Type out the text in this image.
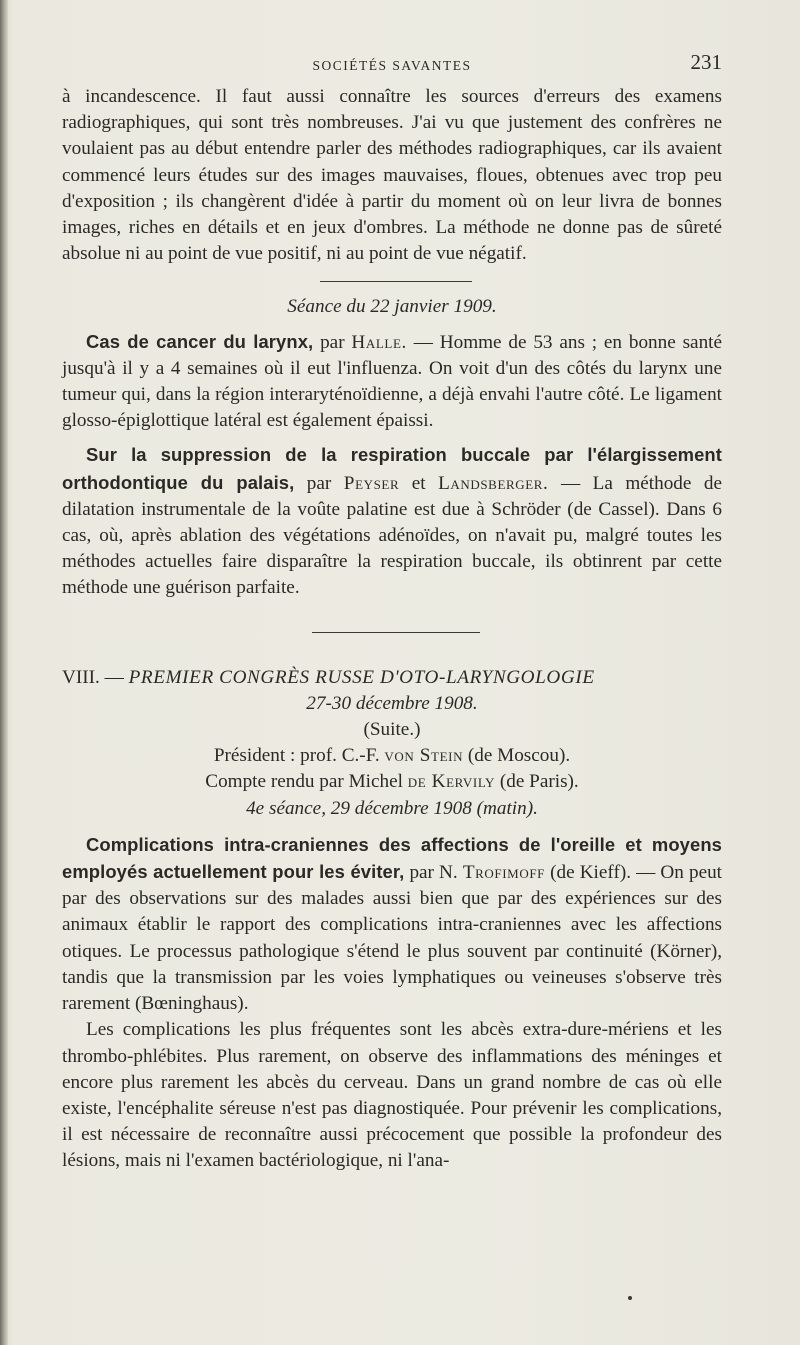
SOCIÉTÉS SAVANTES	231

à incandescence. Il faut aussi connaître les sources d'erreurs des examens radiographiques, qui sont très nombreuses. J'ai vu que justement des confrères ne voulaient pas au début entendre parler des méthodes radiographiques, car ils avaient commencé leurs études sur des images mauvaises, floues, obtenues avec trop peu d'exposition ; ils changèrent d'idée à partir du moment où on leur livra de bonnes images, riches en détails et en jeux d'ombres. La méthode ne donne pas de sûreté absolue ni au point de vue positif, ni au point de vue négatif.

Séance du 22 janvier 1909.

Cas de cancer du larynx, par Halle. — Homme de 53 ans ; en bonne santé jusqu'à il y a 4 semaines où il eut l'influenza. On voit d'un des côtés du larynx une tumeur qui, dans la région interaryténoïdienne, a déjà envahi l'autre côté. Le ligament glosso-épiglottique latéral est également épaissi.

Sur la suppression de la respiration buccale par l'élargissement orthodontique du palais, par Peyser et Landsberger. — La méthode de dilatation instrumentale de la voûte palatine est due à Schröder (de Cassel). Dans 6 cas, où, après ablation des végétations adénoïdes, on n'avait pu, malgré toutes les méthodes actuelles faire disparaître la respiration buccale, ils obtinrent par cette méthode une guérison parfaite.

VIII. — PREMIER CONGRÈS RUSSE D'OTO-LARYNGOLOGIE

27-30 décembre 1908.

(Suite.)

Président : prof. C.-F. von Stein (de Moscou).

Compte rendu par Michel de Kervily (de Paris).

4e séance, 29 décembre 1908 (matin).

Complications intra-craniennes des affections de l'oreille et moyens employés actuellement pour les éviter, par N. Trofimoff (de Kieff). — On peut par des observations sur des malades aussi bien que par des expériences sur des animaux établir le rapport des complications intra-craniennes avec les affections otiques. Le processus pathologique s'étend le plus souvent par continuité (Körner), tandis que la transmission par les voies lymphatiques ou veineuses s'observe très rarement (Bœninghaus).

Les complications les plus fréquentes sont les abcès extra-dure-mériens et les thrombo-phlébites. Plus rarement, on observe des inflammations des méninges et encore plus rarement les abcès du cerveau. Dans un grand nombre de cas où elle existe, l'encéphalite séreuse n'est pas diagnostiquée. Pour prévenir les complications, il est nécessaire de reconnaître aussi précocement que possible la profondeur des lésions, mais ni l'examen bactériologique, ni l'ana-
